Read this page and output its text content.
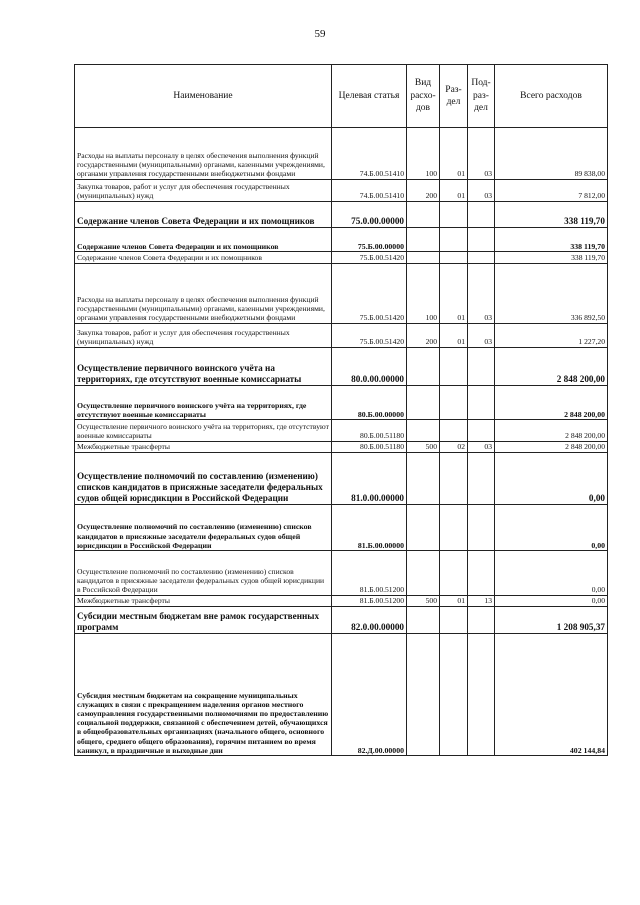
59
Наименование	Целевая статья	Вид расхо-дов	Раз-дел	Под-раз-дел	Всего расходов
Расходы на выплаты персоналу в целях обеспечения выполнения функций государственными (муниципальными) органами, казенными учреждениями, органами управления государственными внебюджетными фондами	74.Б.00.51410	100	01	03	89 838,00
Закупка товаров, работ и услуг для обеспечения государственных (муниципальных) нужд	74.Б.00.51410	200	01	03	7 812,00
Содержание членов Совета Федерации и их помощников	75.0.00.00000				338 119,70
Содержание членов Совета Федерации и их помощников	75.Б.00.00000				338 119,70
Содержание членов Совета Федерации и их помощников	75.Б.00.51420				338 119,70
Расходы на выплаты персоналу в целях обеспечения выполнения функций государственными (муниципальными) органами, казенными учреждениями, органами управления государственными внебюджетными фондами	75.Б.00.51420	100	01	03	336 892,50
Закупка товаров, работ и услуг для обеспечения государственных (муниципальных) нужд	75.Б.00.51420	200	01	03	1 227,20
Осуществление первичного воинского учёта на территориях, где отсутствуют военные комиссариаты	80.0.00.00000				2 848 200,00
Осуществление первичного воинского учёта на территориях, где отсутствуют военные комиссариаты	80.Б.00.00000				2 848 200,00
Осуществление первичного воинского учёта на территориях, где отсутствуют военные комиссариаты	80.Б.00.51180				2 848 200,00
Межбюджетные трансферты	80.Б.00.51180	500	02	03	2 848 200,00
Осуществление полномочий по составлению (изменению) списков кандидатов в присяжные заседатели федеральных судов общей юрисдикции в Российской Федерации	81.0.00.00000				0,00
Осуществление полномочий по составлению (изменению) списков кандидатов в присяжные заседатели федеральных судов общей юрисдикции в Российской Федерации	81.Б.00.00000				0,00
Осуществление полномочий по составлению (изменению) списков кандидатов в присяжные заседатели федеральных судов общей юрисдикции в Российской Федерации	81.Б.00.51200				0,00
Межбюджетные трансферты	81.Б.00.51200	500	01	13	0,00
Субсидии местным бюджетам вне рамок государственных программ	82.0.00.00000				1 208 905,37
Субсидия местным бюджетам на сокращение муниципальных служащих в связи с прекращением наделения органов местного самоуправления государственными полномочиями по предоставлению социальной поддержки, связанной с обеспечением детей, обучающихся в общеобразовательных организациях (начального общего, основного общего, среднего общего образования), горячим питанием во время каникул, в праздничные и выходные дни	82.Д.00.00000				402 144,84
